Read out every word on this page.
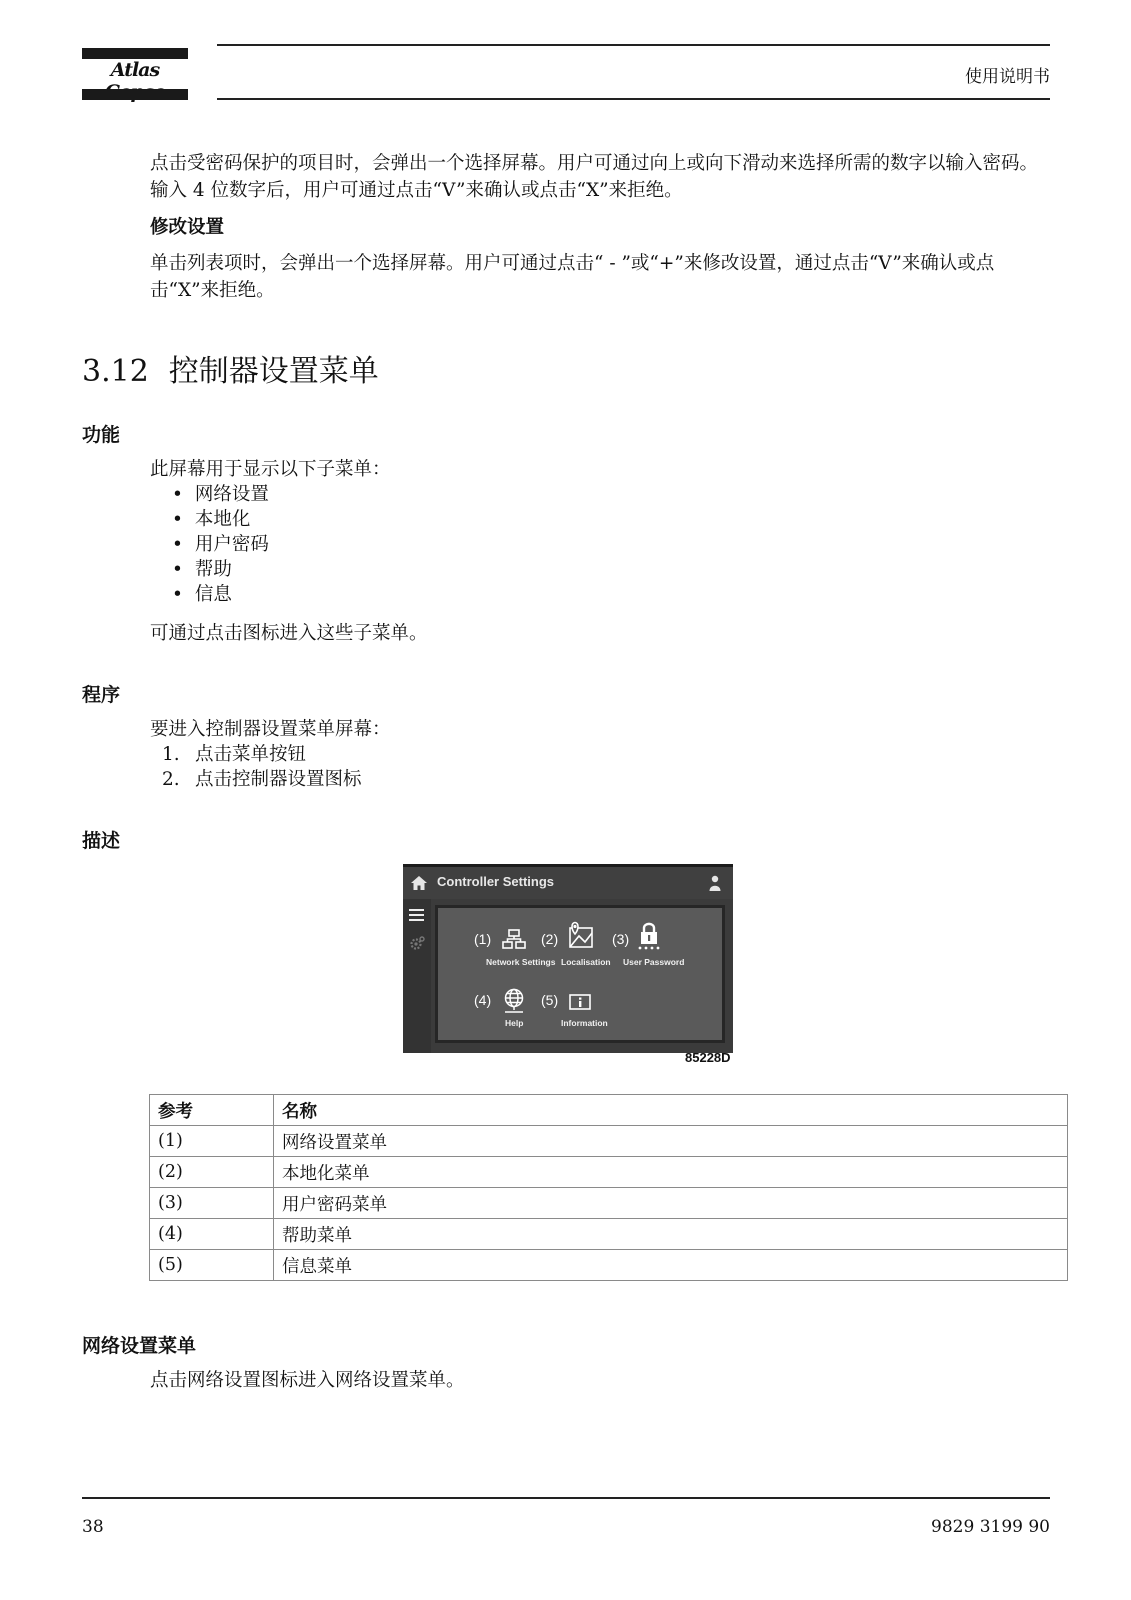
Atlas	使用说明书
点击受密码保护的项目时，会弹出一个选择屏幕。用户可通过向上或向下滑动来选择所需的数字以输入密码。输入 4 位数字后，用户可通过点击“V”来确认或点击“X”来拒绝。
修改设置
单击列表项时，会弹出一个选择屏幕。用户可通过点击“ - ”或“+”来修改设置，通过点击“V”来确认或点击“X”来拒绝。
3.12 控制器设置菜单
功能
此屏幕用于显示以下子菜单：
• 网络设置
• 本地化
• 用户密码
• 帮助
• 信息
可通过点击图标进入这些子菜单。
程序
要进入控制器设置菜单屏幕：
1. 点击菜单按钮
2. 点击控制器设置图标
描述
Controller Settings
(1)
Network Settings
(2)
Localisation
(3)
User Password
(4)
Help
(5)
Information
85228D
参考	名称
(1)	网络设置菜单
(2)	本地化菜单
(3)	用户密码菜单
(4)	帮助菜单
(5)	信息菜单
网络设置菜单
点击网络设置图标进入网络设置菜单。
38	9829 3199 90
